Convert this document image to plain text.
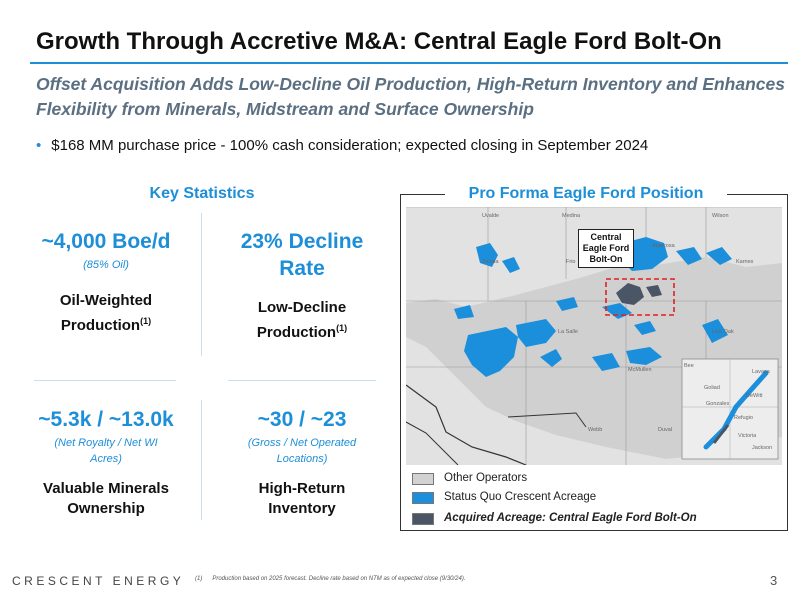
Growth Through Accretive M&A: Central Eagle Ford Bolt-On
Offset Acquisition Adds Low-Decline Oil Production, High-Return Inventory and Enhances Flexibility from Minerals, Midstream and Surface Ownership
• $168 MM purchase price - 100% cash consideration; expected closing in September 2024
Key Statistics
~4,000 Boe/d
(85% Oil)
Oil-Weighted Production$^{(1)}$
23% Decline Rate
Low-Decline Production$^{(1)}$
~5.3k / ~13.0k
(Net Royalty / Net WI Acres)
Valuable Minerals Ownership
~30 / ~23
(Gross / Net Operated Locations)
High-Return Inventory
Pro Forma Eagle Ford Position
Uvalde	Medina	Wilson
Zavala
Atascosa
Frio	Karnes
La Salle	Live Oak
McMullen
Goliad
Webb	Duval
Refugio
Bee
Victoria
Jackson
Lavaca
Gonzales
DeWitt
Central Eagle Ford Bolt-On
Other Operators
Status Quo Crescent Acreage
Acquired Acreage: Central Eagle Ford Bolt-On
CRESCENT ENERGY (1) Production based on 2025 forecast. Decline rate based on NTM as of expected close (9/30/24).	3
